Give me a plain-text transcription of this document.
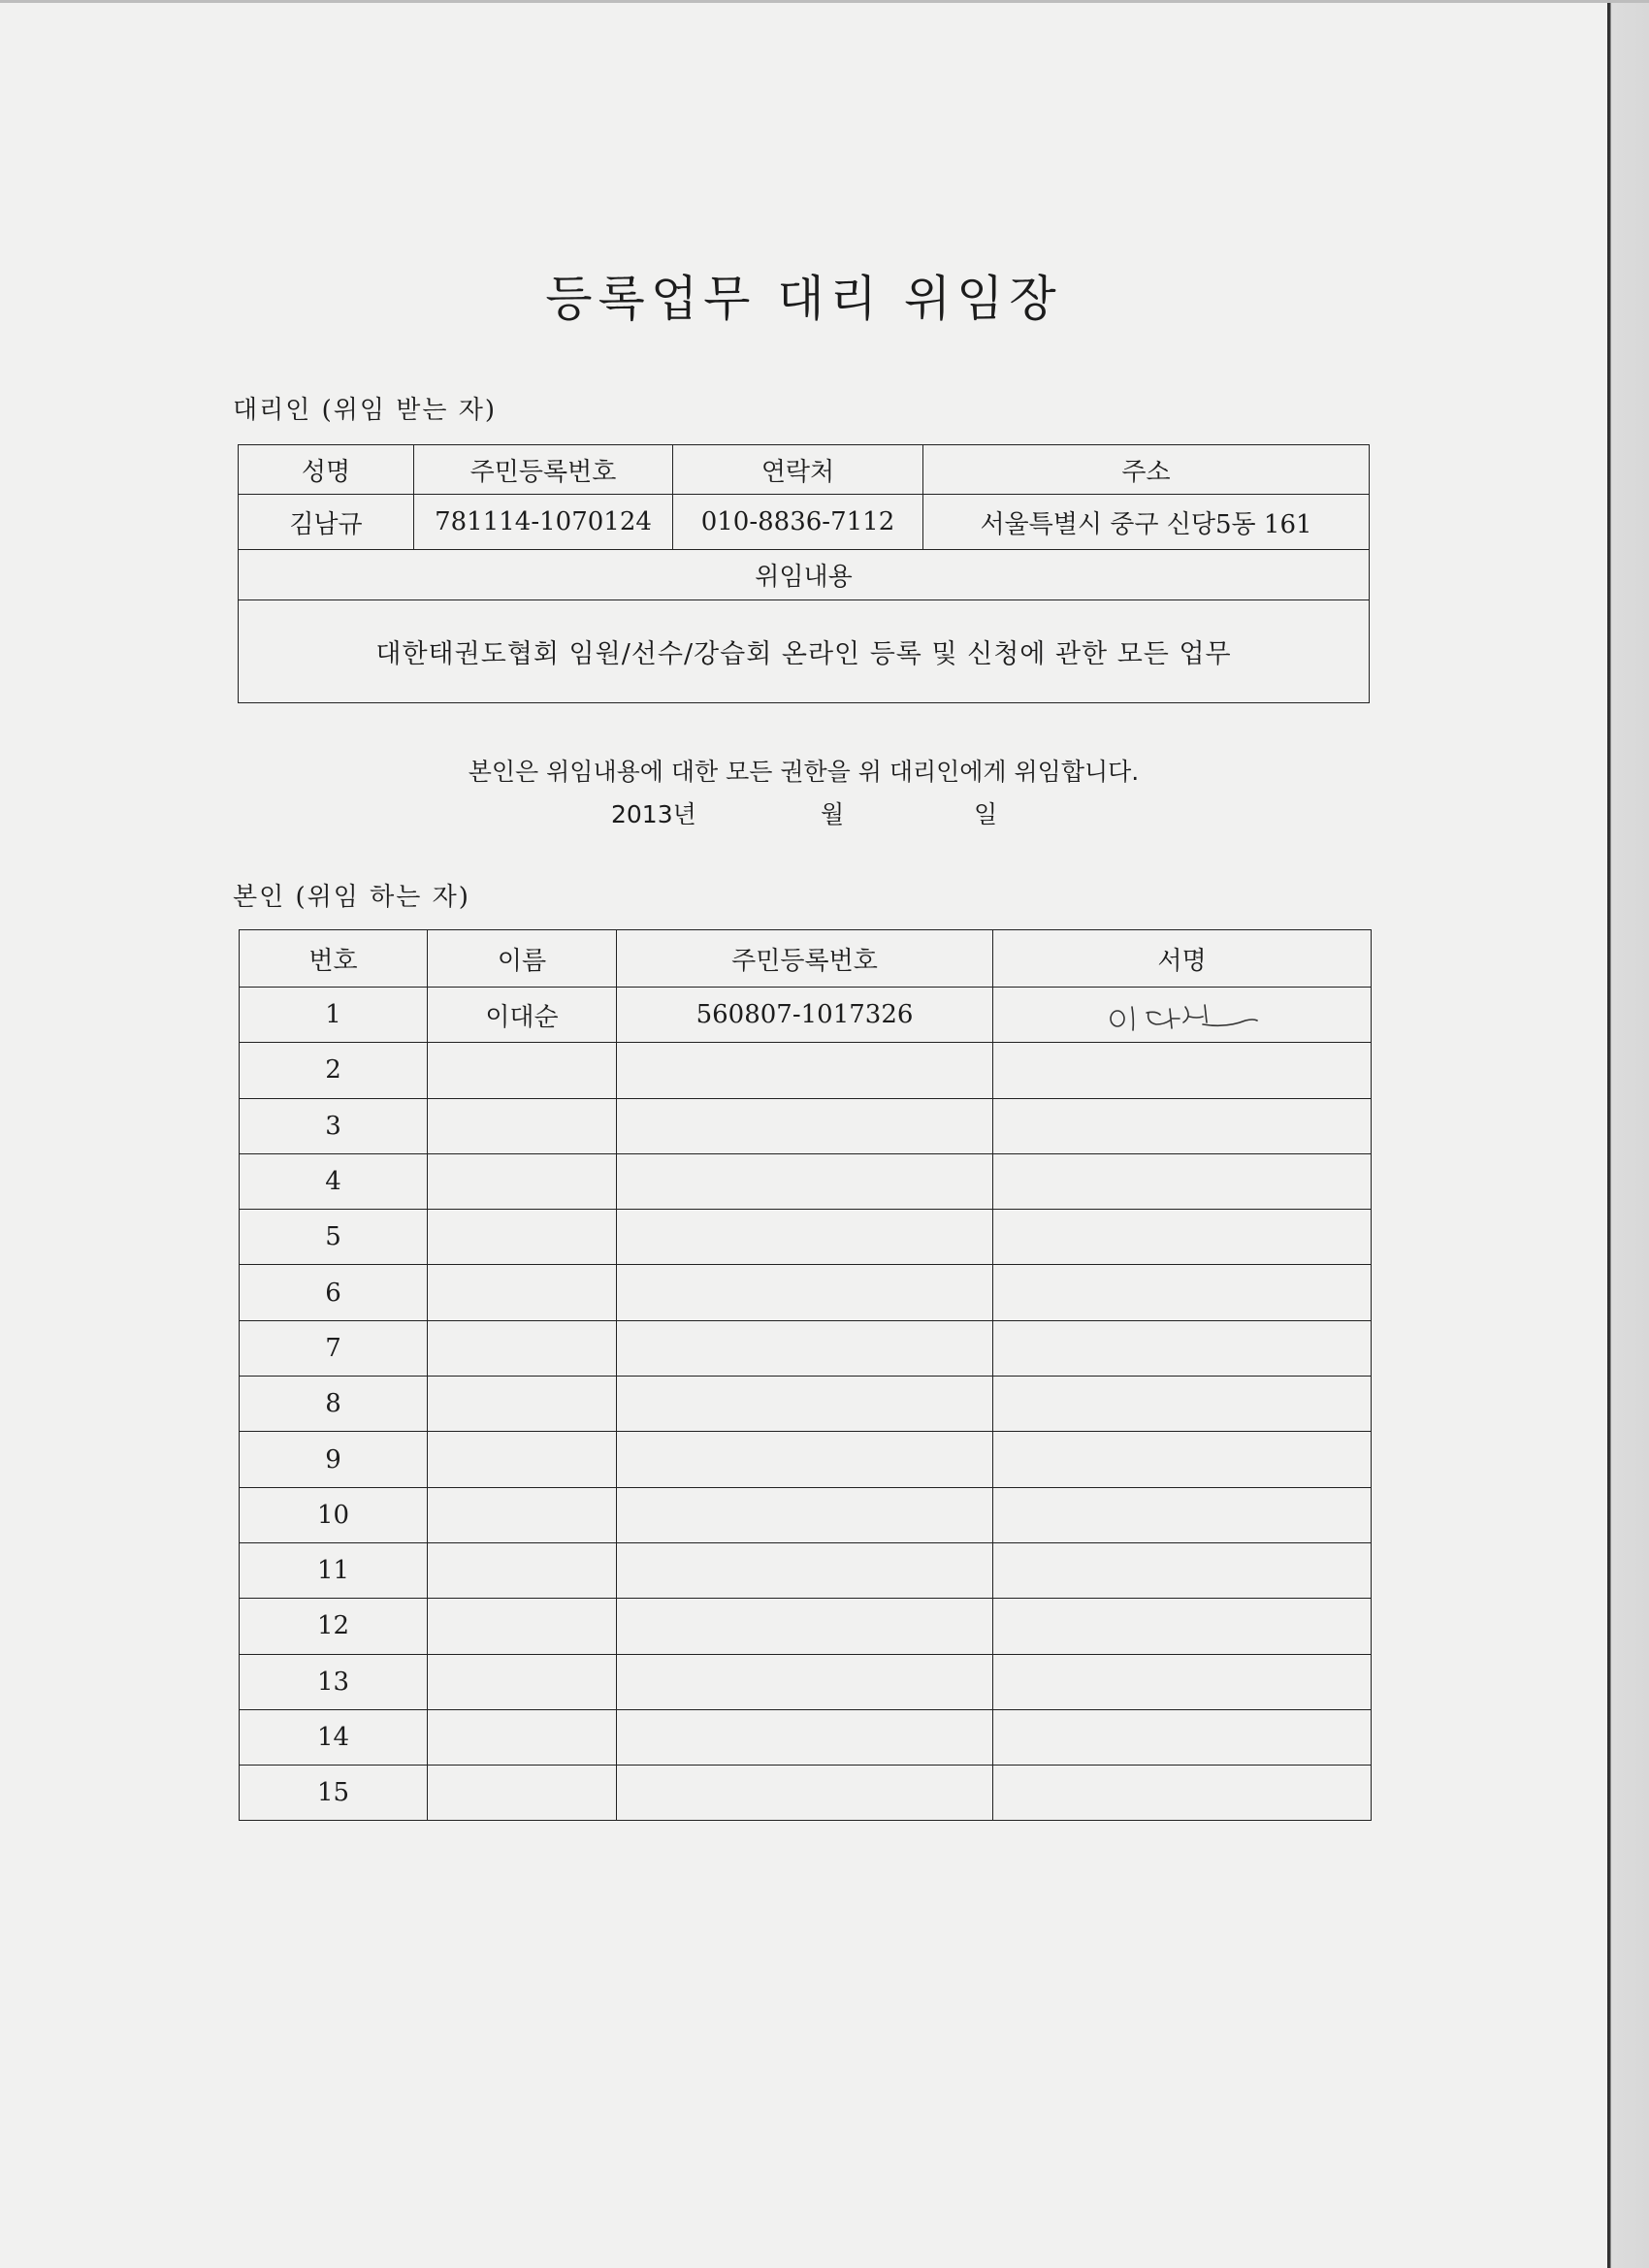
등록업무 대리 위임장
대리인 (위임 받는 자)
성명	주민등록번호	연락처	주소
김남규	781114-1070124	010-8836-7112	서울특별시 중구 신당5동 161
위임내용			
대한태권도협회 임원/선수/강습회 온라인 등록 및 신청에 관한 모든 업무			
본인은 위임내용에 대한 모든 권한을 위 대리인에게 위임합니다.
2013년	월	일
본인 (위임 하는 자)
번호	이름	주민등록번호	서명
1	이대순	560807-1017326	

2			
3			
4			
5			
6			
7			
8			
9			
10			
11			
12			
13			
14			
15			
